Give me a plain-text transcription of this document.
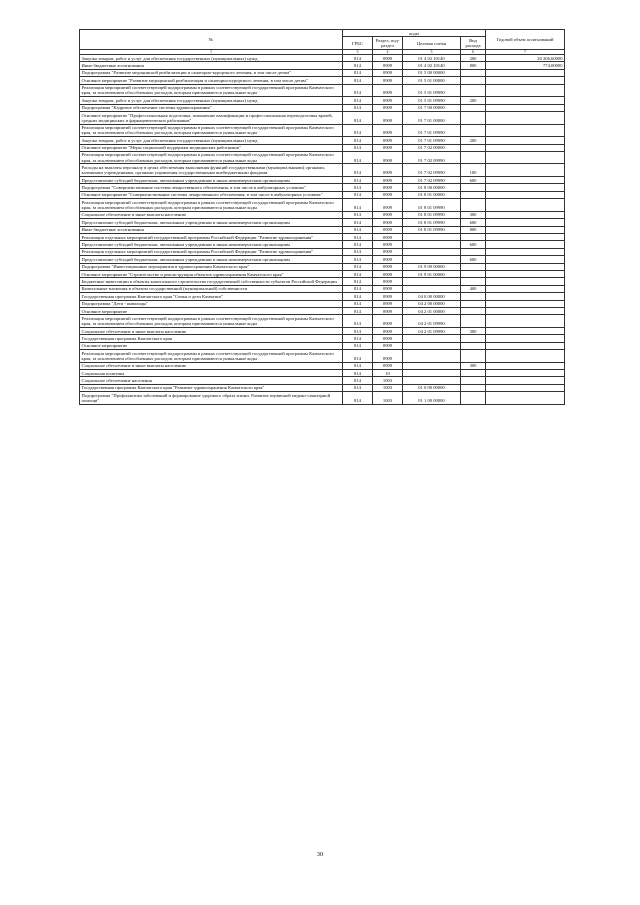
№	коды				Годовой объем ассигнований
	ГРБС	Раздел, под-раздел	Целевая статья	Вид расхода	
1	3	4	5	6	7
Закупка товаров, работ и услуг для обеспечения государственных (муниципальных) нужд	814	0909	01 4 02 10140	200	20 206,60000
Иные бюджетные ассигнования	814	0909	01 4 02 10140	800	774,00000
Подпрограмма "Развитие медицинской реабилитации и санаторно-курортного лечения, в том числе детям"	814	0909	01 5 00 00000		
Основное мероприятие "Развитие медицинской реабилитации и санаторно-курортного лечения, в том числе детям"	814	0909	01 5 01 00000		
Реализация мероприятий соответствующей подпрограммы в рамках соответствующей государственной программы Камчатского края, за исключением обособленных расходов, которым присваиваются уникальные коды	814	0909	01 5 01 09990		
Закупка товаров, работ и услуг для обеспечения государственных (муниципальных) нужд	814	0909	01 5 01 09990	200	
Подпрограмма "Кадровое обеспечение системы здравоохранения"	814	0909	01 7 00 00000		
Основное мероприятие "Профессиональная подготовка, повышение квалификации и профессиональная переподготовка врачей, средних медицинских и фармацевтических работников"	814	0909	01 7 01 00000		
Реализация мероприятий соответствующей подпрограммы в рамках соответствующей государственной программы Камчатского края, за исключением обособленных расходов, которым присваиваются уникальные коды	814	0909	01 7 01 09990		
Закупка товаров, работ и услуг для обеспечения государственных (муниципальных) нужд	814	0909	01 7 01 09990	200	
Основное мероприятие "Меры социальной поддержки медицинских работников"	814	0909	01 7 02 00000		
Реализация мероприятий соответствующей подпрограммы в рамках соответствующей государственной программы Камчатского края, за исключением обособленных расходов, которым присваиваются уникальные коды	814	0909	01 7 02 09990		
Расходы на выплаты персоналу в целях обеспечения выполнения функций государственными (муниципальными) органами, казенными учреждениями, органами управления государственными внебюджетными фондами	814	0909	01 7 02 09990	100	
Предоставление субсидий бюджетным, автономным учреждениям и иным некоммерческим организациям	814	0909	01 7 02 09990	600	
Подпрограмма "Совершенствование системы лекарственного обеспечения, в том числе в амбулаторных условиях"	814	0909	01 8 00 00000		
Основное мероприятие "Совершенствование системы лекарственного обеспечения, в том числе в амбулаторных условиях"	814	0909	01 8 01 00000		
Реализация мероприятий соответствующей подпрограммы в рамках соответствующей государственной программы Камчатского края, за исключением обособленных расходов, которым присваиваются уникальные коды	814	0909	01 8 01 09990		
Социальное обеспечение и иные выплаты населению	814	0909	01 8 01 09990	300	
Предоставление субсидий бюджетным, автономным учреждениям и иным некоммерческим организациям	814	0909	01 8 01 09990	600	
Иные бюджетные ассигнования	814	0909	01 8 01 09990	800	
Реализация отдельных мероприятий государственной программы Российской Федерации "Развитие здравоохранения"	814	0909			
Предоставление субсидий бюджетным, автономным учреждениям и иным некоммерческим организациям	814	0909		600	
Реализация отдельных мероприятий государственной программы Российской Федерации "Развитие здравоохранения"	814	0909			
Предоставление субсидий бюджетным, автономным учреждениям и иным некоммерческим организациям	814	0909		600	
Подпрограмма "Инвестиционные мероприятия в здравоохранении Камчатского края"	814	0909	01 9 00 00000		
Основное мероприятие "Строительство и реконструкция объектов здравоохранения Камчатского края"	814	0909	01 9 01 00000		
Бюджетные инвестиции в объекты капитального строительства государственной собственности субъектов Российской Федерации	814	0909			
Капитальные вложения в объекты государственной (муниципальной) собственности	814	0909		400	
Государственная программа Камчатского края "Семья и дети Камчатки"	814	0909	04 0 00 00000		
Подпрограмма "Дети - инвалиды"	814	0909	04 2 00 00000		
Основное мероприятие	814	0909	04 2 01 00000		
Реализация мероприятий соответствующей подпрограммы в рамках соответствующей государственной программы Камчатского края, за исключением обособленных расходов, которым присваиваются уникальные коды	814	0909	04 2 01 09990		
Социальное обеспечение и иные выплаты населению	814	0909	04 2 01 09990	300	
Государственная программа Камчатского края	814	0909			
Основное мероприятие	814	0909			
Реализация мероприятий соответствующей подпрограммы в рамках соответствующей государственной программы Камчатского края, за исключением обособленных расходов, которым присваиваются уникальные коды	814	0909			
Социальное обеспечение и иные выплаты населению	814	0909		300	
Социальная политика	814	10			
Социальное обеспечение населения	814	1003			
Государственная программа Камчатского края "Развитие здравоохранения Камчатского края"	814	1003	01 0 00 00000		
Подпрограмма "Профилактика заболеваний и формирование здорового образа жизни. Развитие первичной медико-санитарной помощи"	814	1003	01 1 00 00000		
30
